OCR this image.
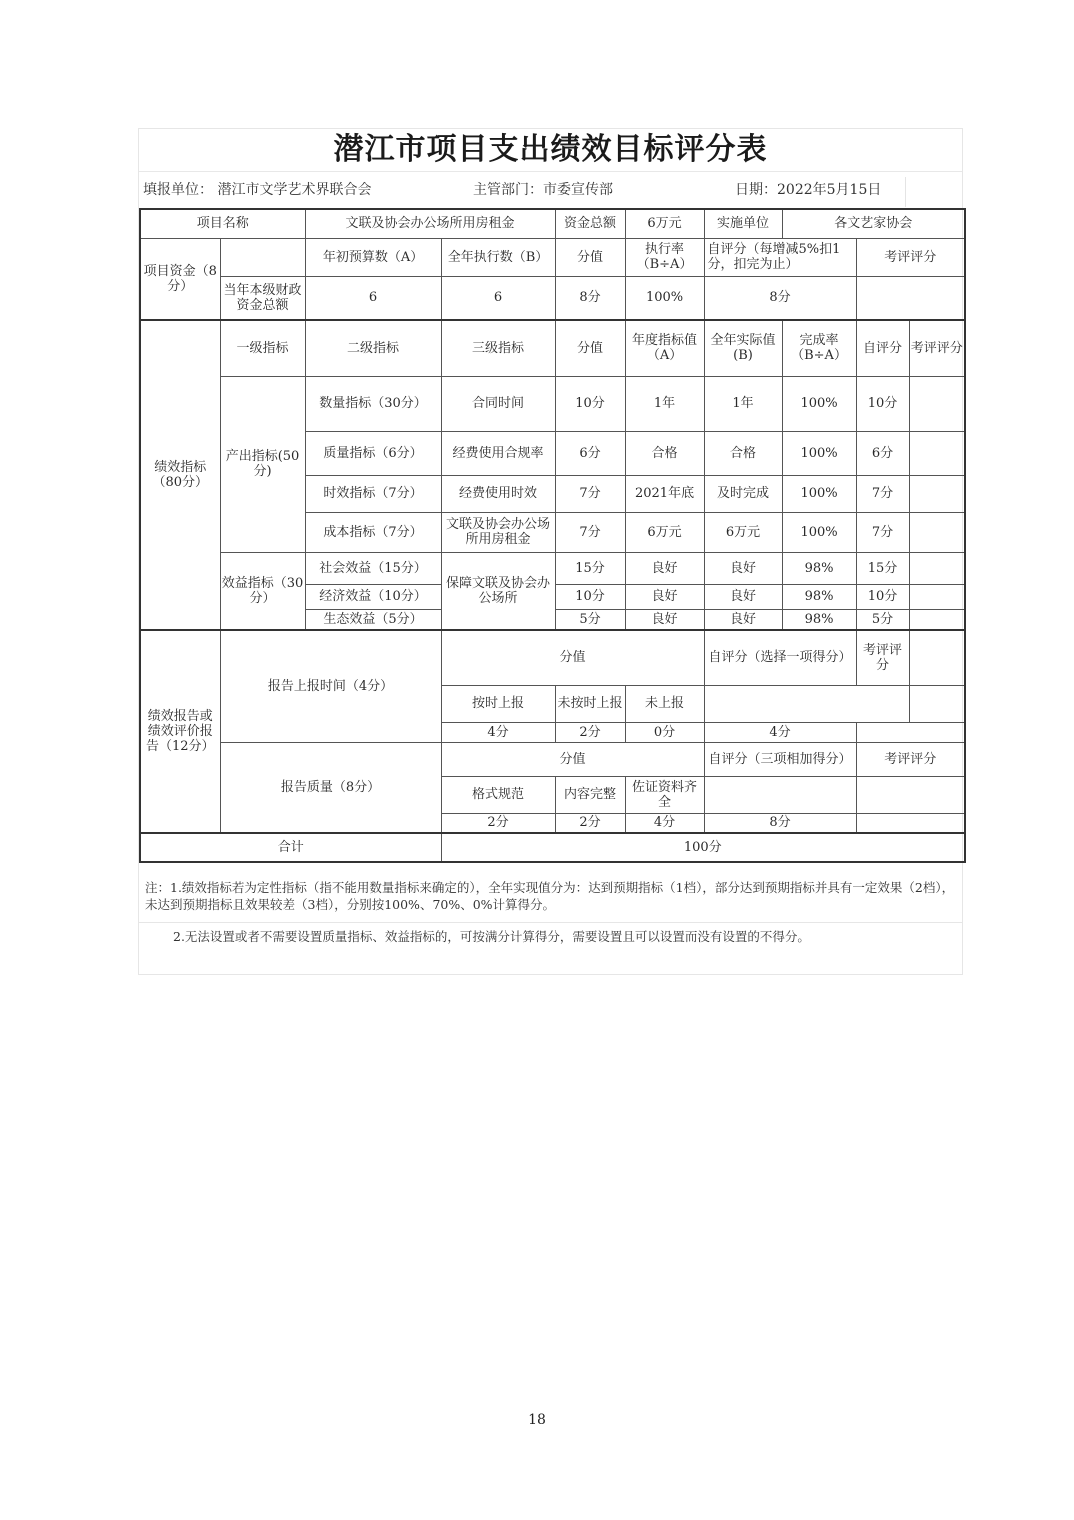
潜江市项目支出绩效目标评分表
填报单位： 潜江市文学艺术界联合会	主管部门：市委宣传部	日期：2022年5月15日
项目名称		文联及协会办公场所用房租金		资金总额	6万元	实施单位	各文艺家协会		
项目资金（8分）		年初预算数（A）	全年执行数（B）	分值	执行率（B÷A）	自评分（每增减5%扣1分，扣完为止）		考评评分	
	当年本级财政资金总额	6	6	8分	100%	8分			
绩效指标（80分）	一级指标	二级指标	三级指标	分值	年度指标值（A）	全年实际值(B)	完成率（B÷A）	自评分	考评评分
	产出指标(50分)	数量指标（30分）	合同时间	10分	1年	1年	100%	10分	
		质量指标（6分）	经费使用合规率	6分	合格	合格	100%	6分	
		时效指标（7分）	经费使用时效	7分	2021年底	及时完成	100%	7分	
		成本指标（7分）	文联及协会办公场所用房租金	7分	6万元	6万元	100%	7分	
	效益指标（30分）	社会效益（15分）	保障文联及协会办公场所	15分	良好	良好	98%	15分	
		经济效益（10分）		10分	良好	良好	98%	10分	
		生态效益（5分）		5分	良好	良好	98%	5分	
绩效报告或绩效评价报告（12分）	报告上报时间（4分）		分值			自评分（选择一项得分）		考评评分	
			按时上报	未按时上报	未上报				
			4分	2分	0分	4分			
	报告质量（8分）		分值			自评分（三项相加得分）		考评评分	
			格式规范	内容完整	佐证资料齐全				
			2分	2分	4分	8分			
合计			100分						
注：1.绩效指标若为定性指标（指不能用数量指标来确定的），全年实现值分为：达到预期指标（1档），部分达到预期指标并具有一定效果（2档），未达到预期指标且效果较差（3档），分别按100%、70%、0%计算得分。
2.无法设置或者不需要设置质量指标、效益指标的，可按满分计算得分，需要设置且可以设置而没有设置的不得分。
18
